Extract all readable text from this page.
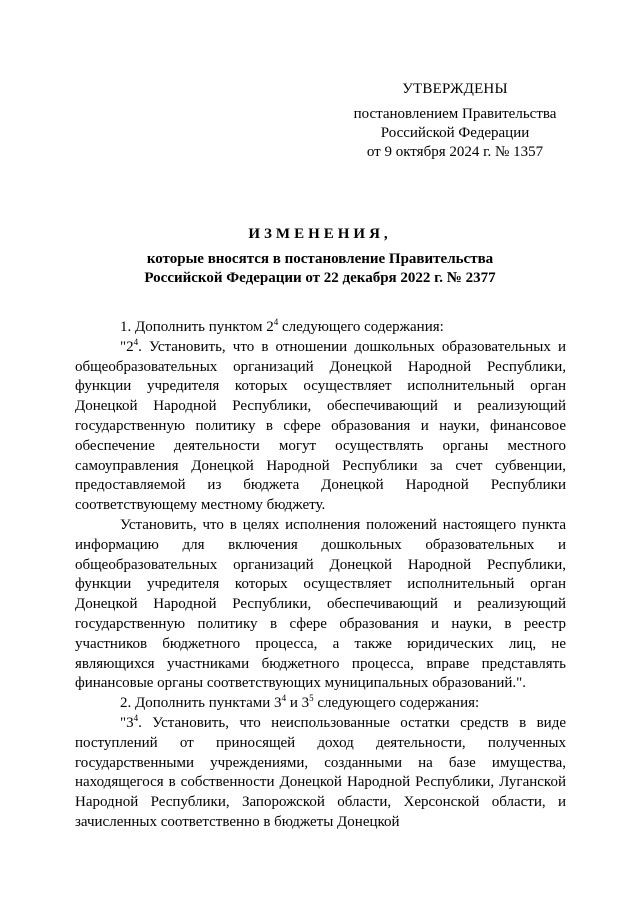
УТВЕРЖДЕНЫ
постановлением Правительства
Российской Федерации
от 9 октября 2024 г. № 1357
ИЗМЕНЕНИЯ,
которые вносятся в постановление Правительства
Российской Федерации от 22 декабря 2022 г. № 2377

1. Дополнить пунктом $2^4$ следующего содержания:

"$2^4$. Установить, что в отношении дошкольных образовательных и общеобразовательных организаций Донецкой Народной Республики, функции учредителя которых осуществляет исполнительный орган Донецкой Народной Республики, обеспечивающий и реализующий государственную политику в сфере образования и науки, финансовое обеспечение деятельности могут осуществлять органы местного самоуправления Донецкой Народной Республики за счет субвенции, предоставляемой из бюджета Донецкой Народной Республики соответствующему местному бюджету.

Установить, что в целях исполнения положений настоящего пункта информацию для включения дошкольных образовательных и общеобразовательных организаций Донецкой Народной Республики, функции учредителя которых осуществляет исполнительный орган Донецкой Народной Республики, обеспечивающий и реализующий государственную политику в сфере образования и науки, в реестр участников бюджетного процесса, а также юридических лиц, не являющихся участниками бюджетного процесса, вправе представлять финансовые органы соответствующих муниципальных образований.".

2. Дополнить пунктами $3^4$ и $3^5$ следующего содержания:

"$3^4$. Установить, что неиспользованные остатки средств в виде поступлений от приносящей доход деятельности, полученных государственными учреждениями, созданными на базе имущества, находящегося в собственности Донецкой Народной Республики, Луганской Народной Республики, Запорожской области, Херсонской области, и зачисленных соответственно в бюджеты Донецкой
